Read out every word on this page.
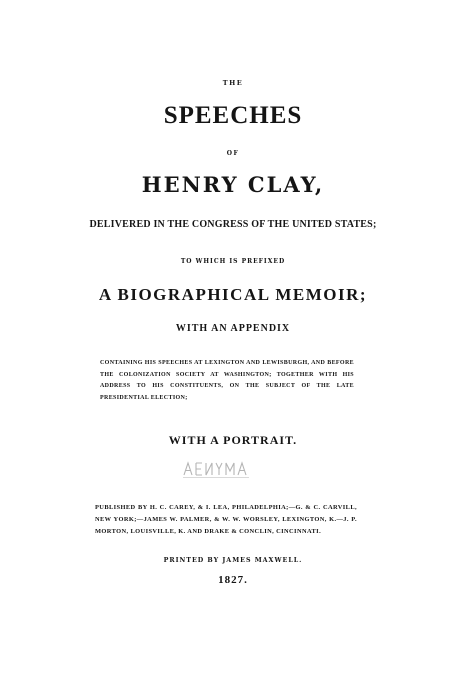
THE
SPEECHES
OF
HENRY CLAY,
DELIVERED IN THE CONGRESS OF THE UNITED STATES;
TO WHICH IS PREFIXED
A BIOGRAPHICAL MEMOIR;
WITH AN APPENDIX
CONTAINING HIS SPEECHES AT LEXINGTON AND LEWISBURGH, AND BEFORE THE COLONIZATION SOCIETY AT WASHINGTON; TOGETHER WITH HIS ADDRESS TO HIS CONSTITUENTS, ON THE SUBJECT OF THE LATE PRESIDENTIAL ELECTION;
WITH A PORTRAIT.
PUBLISHED BY H. C. CAREY, & I. LEA, PHILADELPHIA;—G. & C. CARVILL, NEW YORK;—JAMES W. PALMER, & W. W. WORSLEY, LEXINGTON, K.—J. P. MORTON, LOUISVILLE, K. AND DRAKE & CONCLIN, CINCINNATI.
PRINTED BY JAMES MAXWELL.
1827.
